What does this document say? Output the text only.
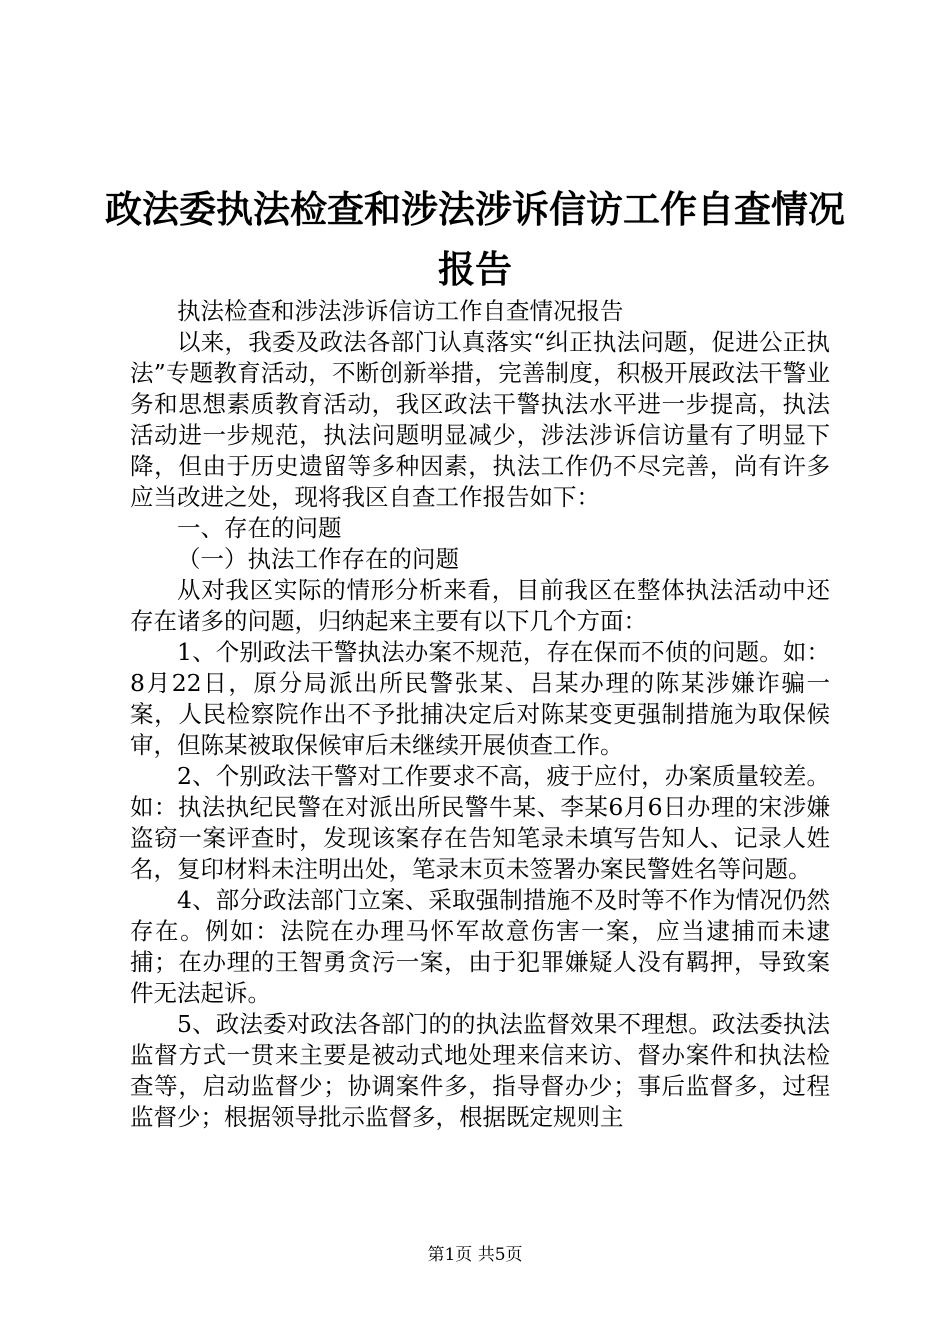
政法委执法检查和涉法涉诉信访工作自查情况
报告

执法检查和涉法涉诉信访工作自查情况报告

以来，我委及政法各部门认真落实“纠正执法问题，促进公正执法”专题教育活动，不断创新举措，完善制度，积极开展政法干警业务和思想素质教育活动，我区政法干警执法水平进一步提高，执法活动进一步规范，执法问题明显减少，涉法涉诉信访量有了明显下降，但由于历史遗留等多种因素，执法工作仍不尽完善，尚有许多应当改进之处，现将我区自查工作报告如下：

一、存在的问题

（一）执法工作存在的问题

从对我区实际的情形分析来看，目前我区在整体执法活动中还存在诸多的问题，归纳起来主要有以下几个方面：

1、个别政法干警执法办案不规范，存在保而不侦的问题。如：8月22日，原分局派出所民警张某、吕某办理的陈某涉嫌诈骗一案，人民检察院作出不予批捕决定后对陈某变更强制措施为取保候审，但陈某被取保候审后未继续开展侦查工作。

2、个别政法干警对工作要求不高，疲于应付，办案质量较差。如：执法执纪民警在对派出所民警牛某、李某6月6日办理的宋涉嫌盗窃一案评查时，发现该案存在告知笔录未填写告知人、记录人姓名，复印材料未注明出处，笔录末页未签署办案民警姓名等问题。

4、部分政法部门立案、采取强制措施不及时等不作为情况仍然存在。例如：法院在办理马怀军故意伤害一案，应当逮捕而未逮捕；在办理的王智勇贪污一案，由于犯罪嫌疑人没有羁押，导致案件无法起诉。

5、政法委对政法各部门的的执法监督效果不理想。政法委执法监督方式一贯来主要是被动式地处理来信来访、督办案件和执法检查等，启动监督少；协调案件多，指导督办少；事后监督多，过程监督少；根据领导批示监督多，根据既定规则主

第1页 共5页
